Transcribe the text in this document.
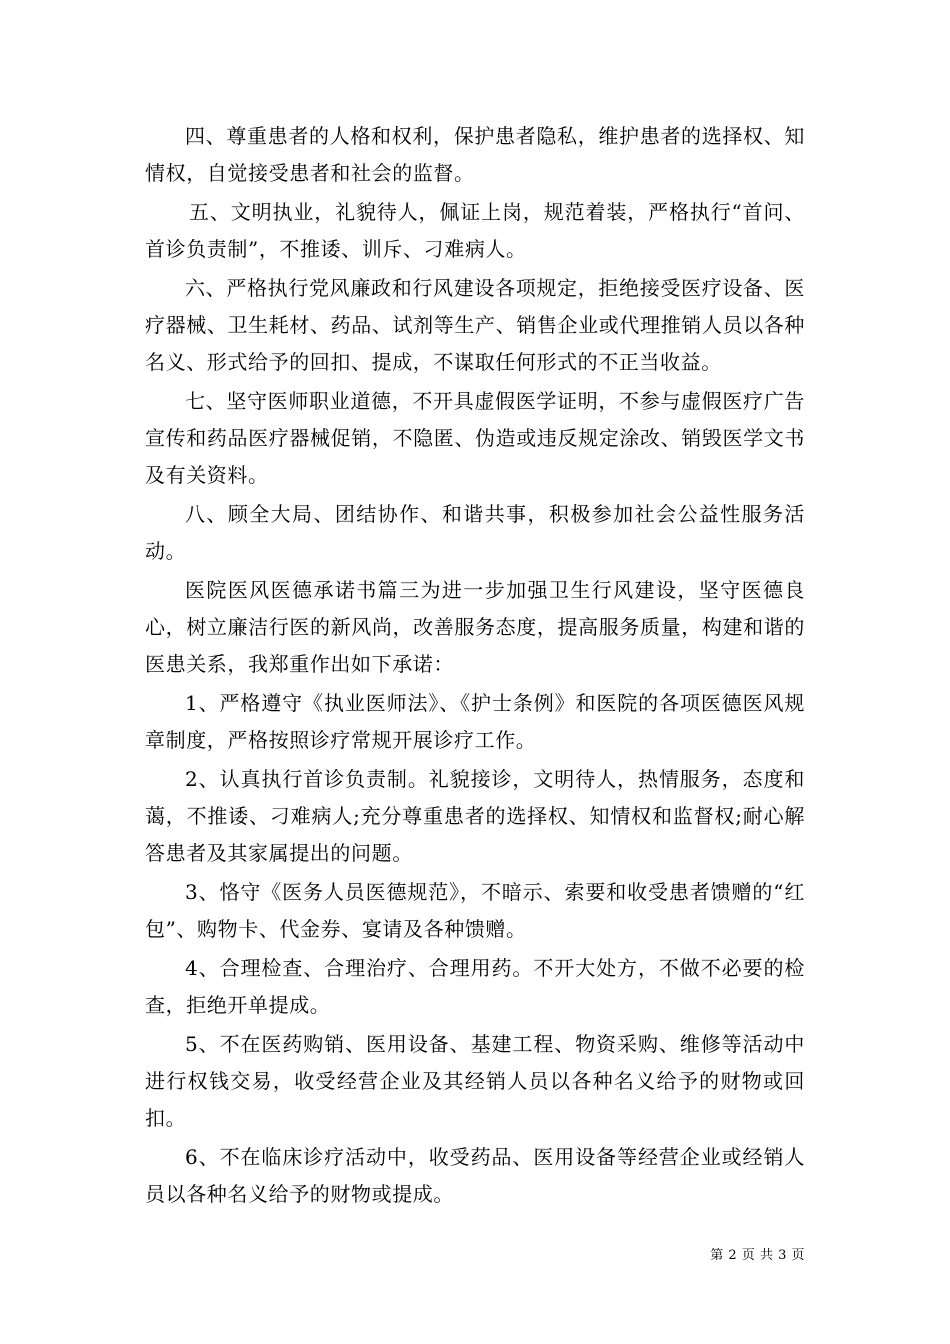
四、尊重患者的人格和权利，保护患者隐私，维护患者的选择权、知情权，自觉接受患者和社会的监督。

五、文明执业，礼貌待人，佩证上岗，规范着装，严格执行“首问、首诊负责制”，不推诿、训斥、刁难病人。

六、严格执行党风廉政和行风建设各项规定，拒绝接受医疗设备、医疗器械、卫生耗材、药品、试剂等生产、销售企业或代理推销人员以各种名义、形式给予的回扣、提成，不谋取任何形式的不正当收益。

七、坚守医师职业道德，不开具虚假医学证明，不参与虚假医疗广告宣传和药品医疗器械促销，不隐匿、伪造或违反规定涂改、销毁医学文书及有关资料。

八、顾全大局、团结协作、和谐共事，积极参加社会公益性服务活动。

医院医风医德承诺书篇三为进一步加强卫生行风建设，坚守医德良心，树立廉洁行医的新风尚，改善服务态度，提高服务质量，构建和谐的医患关系，我郑重作出如下承诺：

1、严格遵守《执业医师法》、《护士条例》和医院的各项医德医风规章制度，严格按照诊疗常规开展诊疗工作。

2、认真执行首诊负责制。礼貌接诊，文明待人，热情服务，态度和蔼，不推诿、刁难病人;充分尊重患者的选择权、知情权和监督权;耐心解答患者及其家属提出的问题。

3、恪守《医务人员医德规范》，不暗示、索要和收受患者馈赠的“红包”、购物卡、代金券、宴请及各种馈赠。

4、合理检查、合理治疗、合理用药。不开大处方，不做不必要的检查，拒绝开单提成。

5、不在医药购销、医用设备、基建工程、物资采购、维修等活动中进行权钱交易，收受经营企业及其经销人员以各种名义给予的财物或回扣。

6、不在临床诊疗活动中，收受药品、医用设备等经营企业或经销人员以各种名义给予的财物或提成。

第 2 页 共 3 页
